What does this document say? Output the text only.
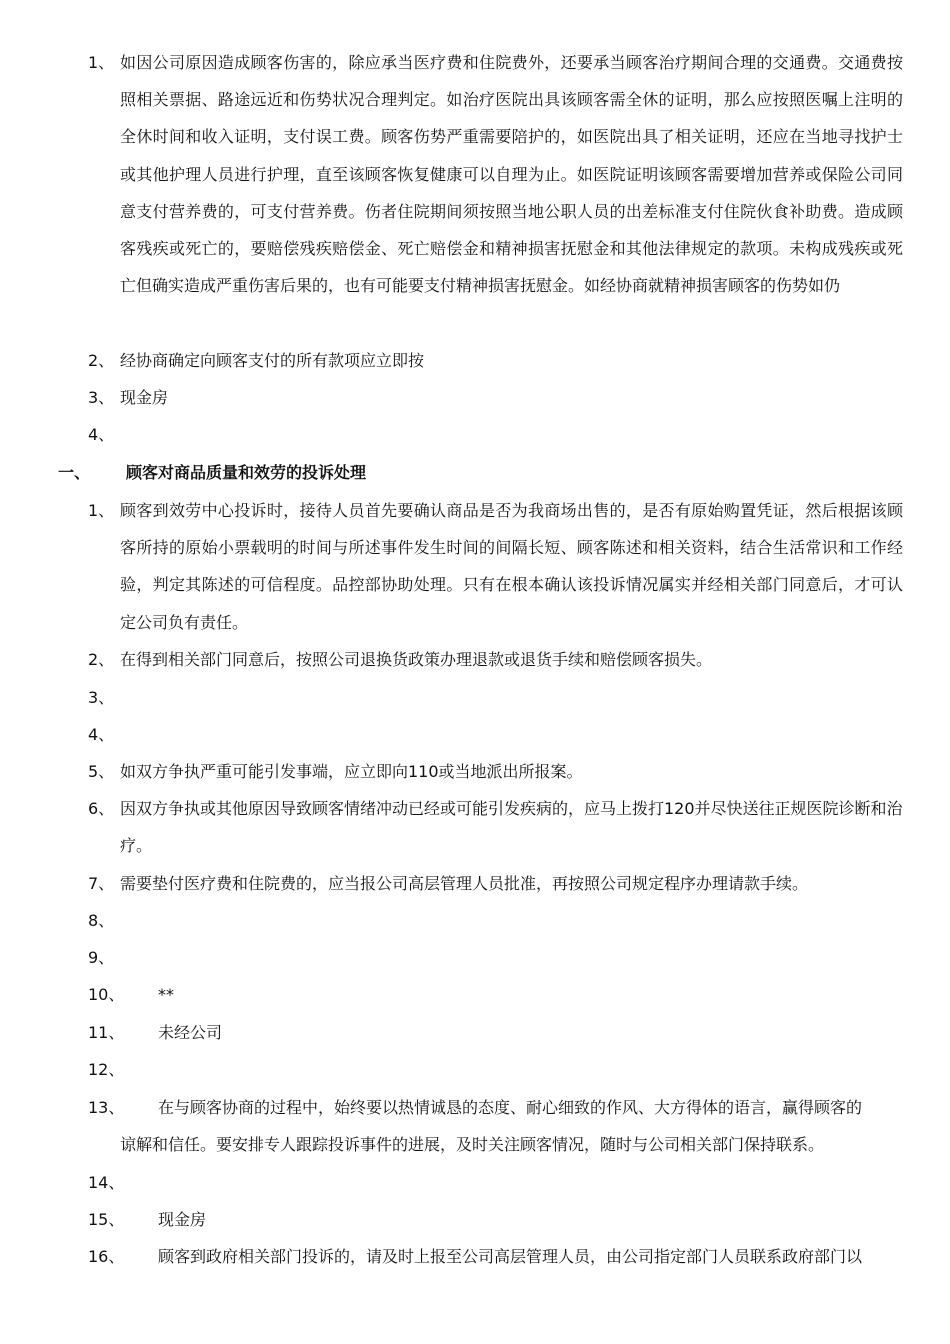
1、 如因公司原因造成顾客伤害的，除应承当医疗费和住院费外，还要承当顾客治疗期间合理的交通费。交通费按照相关票据、路途远近和伤势状况合理判定。如治疗医院出具该顾客需全休的证明，那么应按照医嘱上注明的全休时间和收入证明，支付误工费。顾客伤势严重需要陪护的，如医院出具了相关证明，还应在当地寻找护士或其他护理人员进行护理，直至该顾客恢复健康可以自理为止。如医院证明该顾客需要增加营养或保险公司同意支付营养费的，可支付营养费。伤者住院期间须按照当地公职人员的出差标准支付住院伙食补助费。造成顾客残疾或死亡的，要赔偿残疾赔偿金、死亡赔偿金和精神损害抚慰金和其他法律规定的款项。未构成残疾或死亡但确实造成严重伤害后果的，也有可能要支付精神损害抚慰金。如经协商就精神损害顾客的伤势如仍
2、 经协商确定向顾客支付的所有款项应立即按
3、 现金房
4、
一、 顾客对商品质量和效劳的投诉处理
1、 顾客到效劳中心投诉时，接待人员首先要确认商品是否为我商场出售的，是否有原始购置凭证，然后根据该顾客所持的原始小票载明的时间与所述事件发生时间的间隔长短、顾客陈述和相关资料，结合生活常识和工作经验，判定其陈述的可信程度。品控部协助处理。只有在根本确认该投诉情况属实并经相关部门同意后，才可认定公司负有责任。
2、 在得到相关部门同意后，按照公司退换货政策办理退款或退货手续和赔偿顾客损失。
3、
4、
5、 如双方争执严重可能引发事端，应立即向110或当地派出所报案。
6、 因双方争执或其他原因导致顾客情绪冲动已经或可能引发疾病的，应马上拨打120并尽快送往正规医院诊断和治疗。
7、 需要垫付医疗费和住院费的，应当报公司高层管理人员批准，再按照公司规定程序办理请款手续。
8、
9、
10、 **
11、 未经公司
12、
13、 在与顾客协商的过程中，始终要以热情诚恳的态度、耐心细致的作风、大方得体的语言，赢得顾客的
谅解和信任。要安排专人跟踪投诉事件的进展，及时关注顾客情况，随时与公司相关部门保持联系。
14、
15、 现金房
16、 顾客到政府相关部门投诉的，请及时上报至公司高层管理人员，由公司指定部门人员联系政府部门以
